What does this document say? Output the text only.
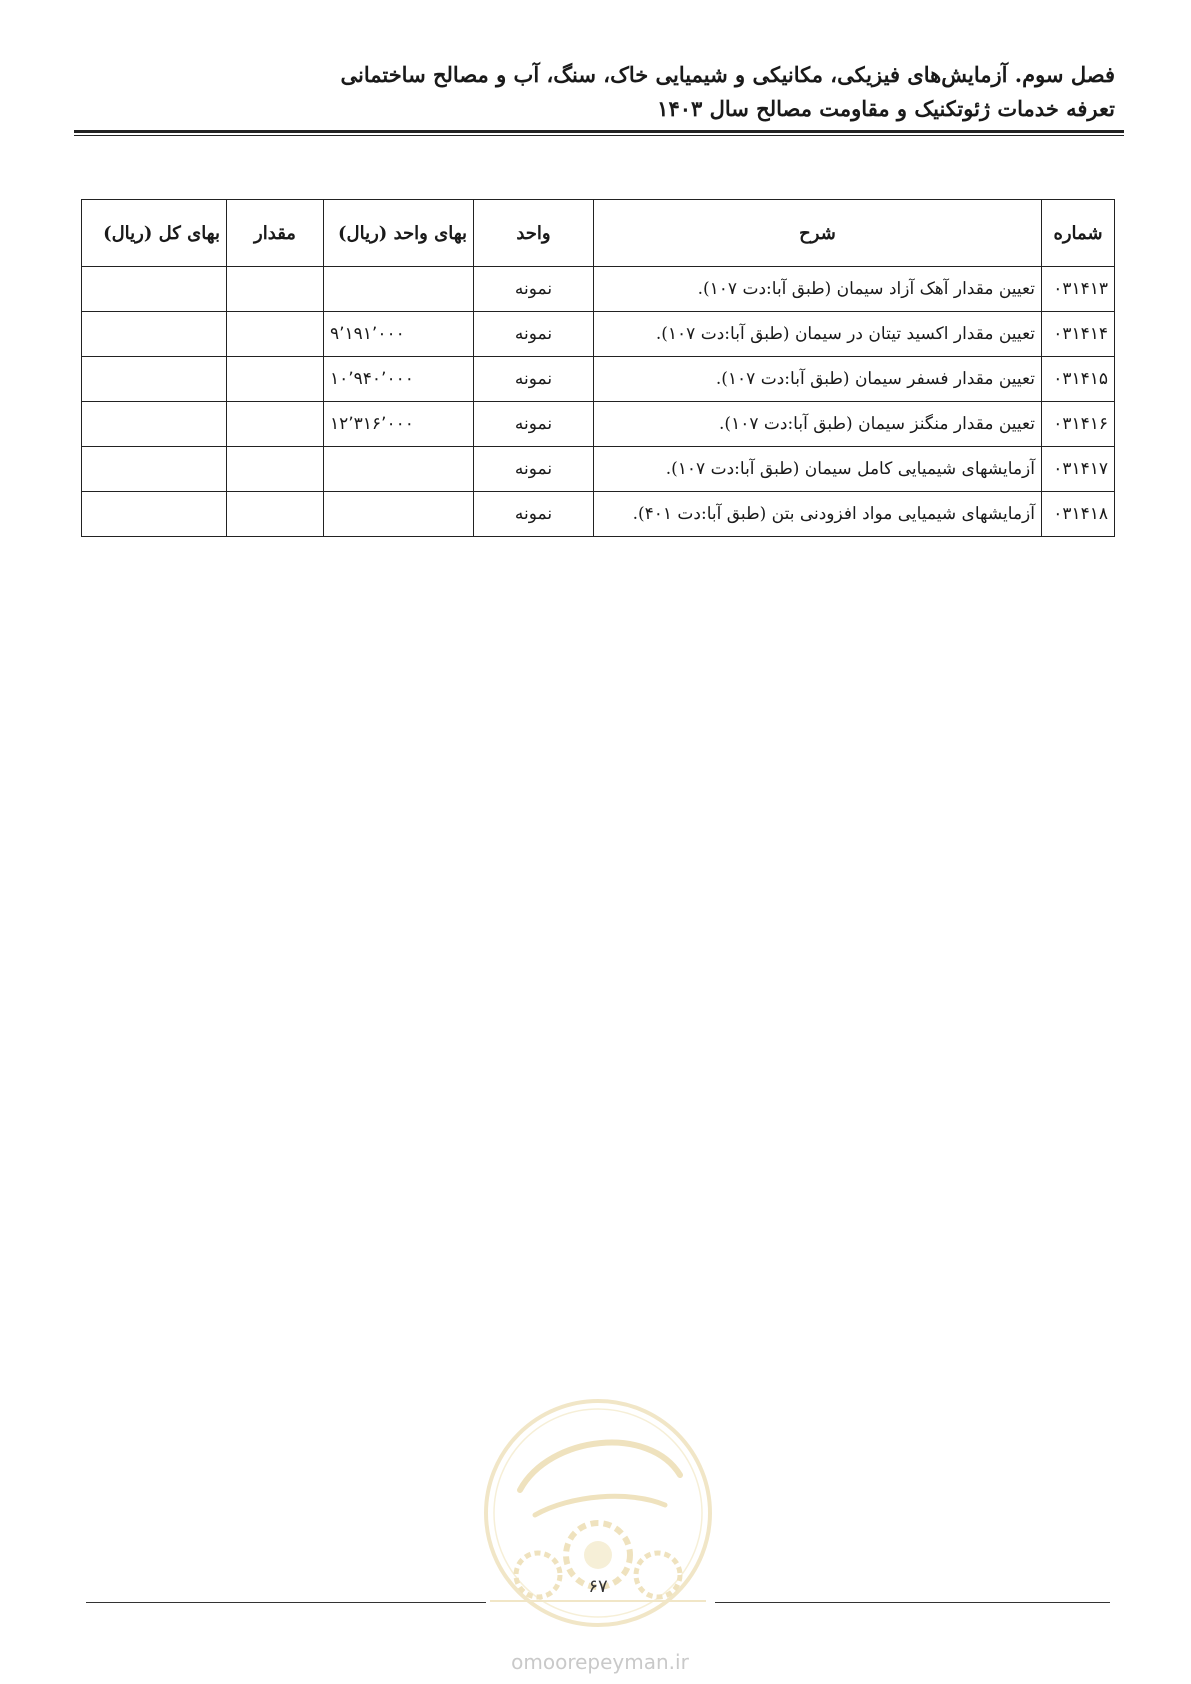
فصل سوم. آزمایش‌های فیزیکی، مکانیکی و شیمیایی خاک، سنگ، آب و مصالح ساختمانی
تعرفه خدمات ژئوتکنیک و مقاومت مصالح سال ۱۴۰۳
شماره	شرح	واحد	بهای واحد (ریال)	مقدار	بهای کل (ریال)
۰۳۱۴۱۳	تعیین مقدار آهک آزاد سیمان (طبق آبا:دت ۱۰۷).	نمونه			
۰۳۱۴۱۴	تعیین مقدار اکسید تیتان در سیمان (طبق آبا:دت ۱۰۷).	نمونه	۹٬۱۹۱٬۰۰۰		
۰۳۱۴۱۵	تعیین مقدار فسفر سیمان (طبق آبا:دت ۱۰۷).	نمونه	۱۰٬۹۴۰٬۰۰۰		
۰۳۱۴۱۶	تعیین مقدار منگنز سیمان (طبق آبا:دت ۱۰۷).	نمونه	۱۲٬۳۱۶٬۰۰۰		
۰۳۱۴۱۷	آزمایشهای شیمیایی کامل سیمان (طبق آبا:دت ۱۰۷).	نمونه			
۰۳۱۴۱۸	آزمایشهای شیمیایی مواد افزودنی بتن (طبق آبا:دت ۴۰۱).	نمونه			
۶۷
omoorepeyman.ir
